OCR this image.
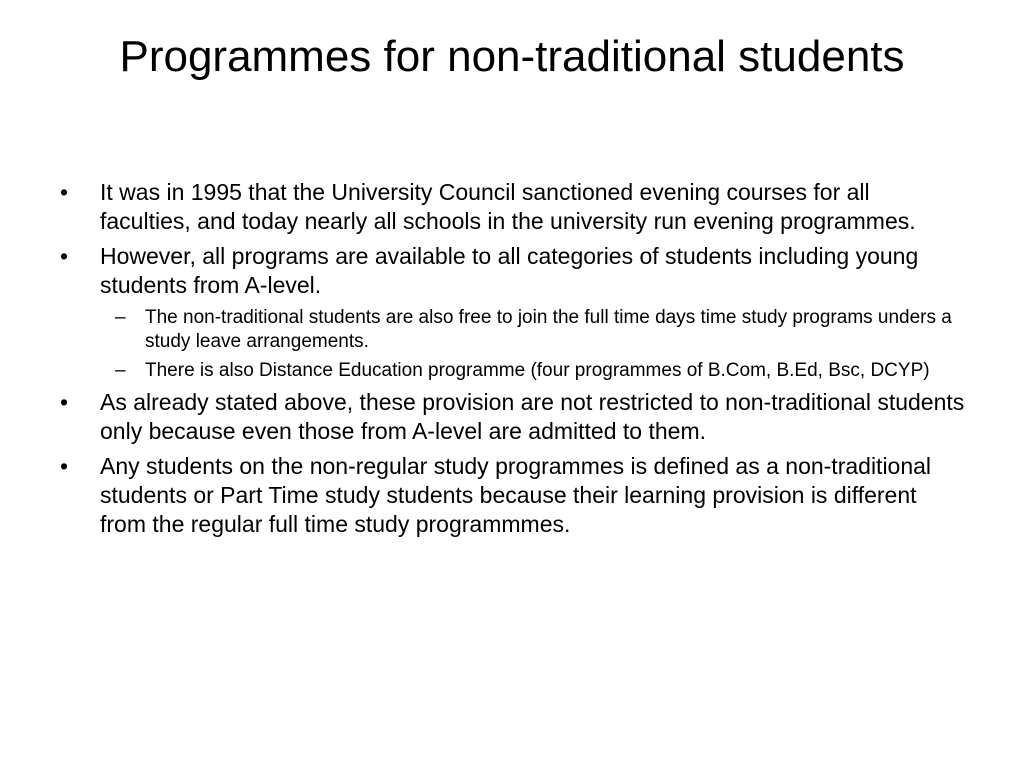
Programmes for non-traditional students
•	It was in 1995 that the University Council sanctioned evening courses for all faculties, and today nearly all schools in the university run evening programmes.
•	However, all programs are available to all categories of students including young students from A-level.
–	The non-traditional students are also free to join the full time days time study programs unders a study leave arrangements.
–	There is also Distance Education programme (four programmes of B.Com, B.Ed, Bsc, DCYP)
•	As already stated above, these provision are not restricted to non-traditional students only because even those from A-level are admitted to them.
•	Any students on the non-regular study programmes is defined as a non-traditional students or Part Time study students because their learning provision is different from the regular full time study programmmes.
